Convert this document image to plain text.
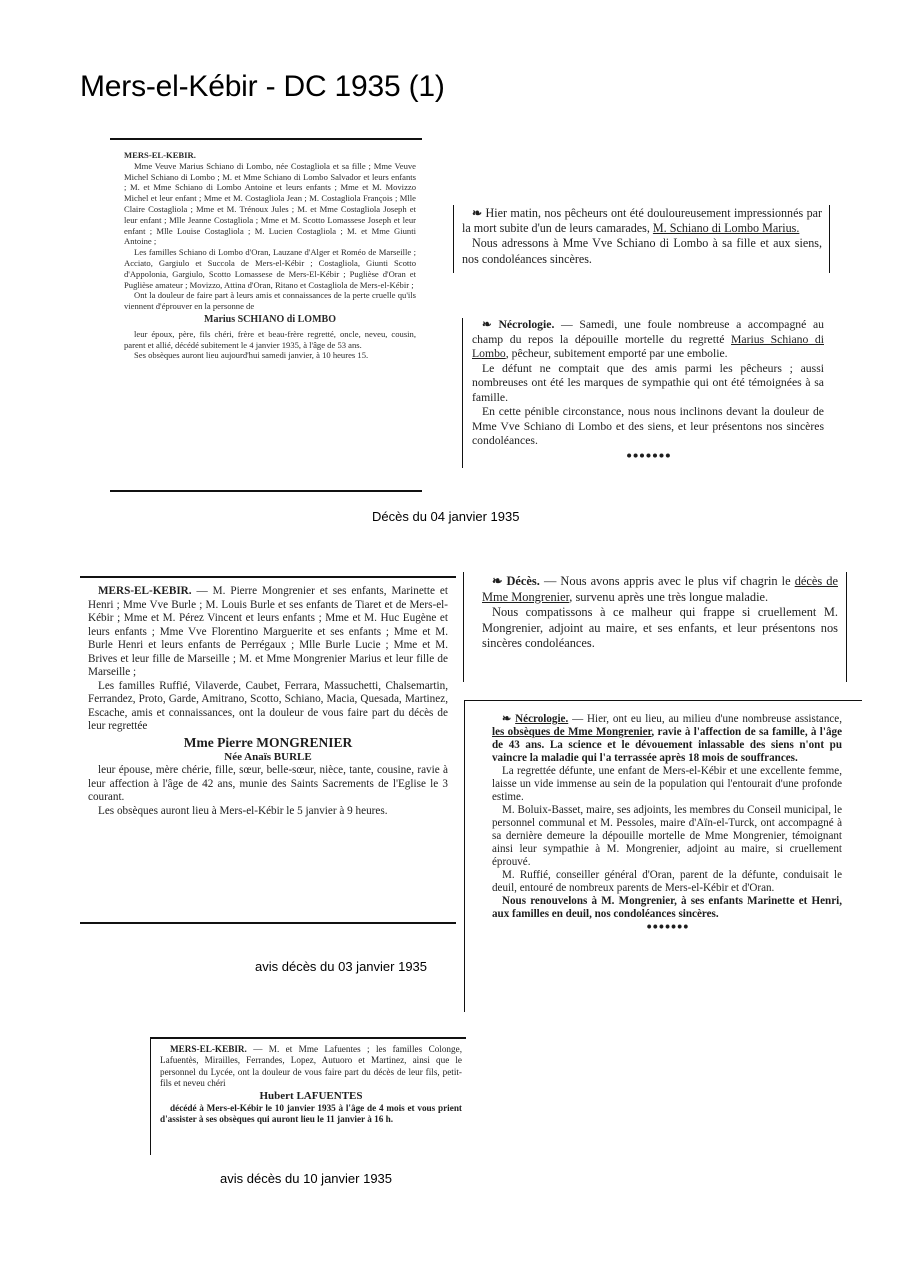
Mers-el-Kébir - DC 1935 (1)

MERS-EL-KEBIR.

Mme Veuve Marius Schiano di Lombo, née Costagliola et sa fille ; Mme Veuve Michel Schiano di Lombo ; M. et Mme Schiano di Lombo Salvador et leurs enfants ; M. et Mme Schiano di Lombo Antoine et leurs enfants ; Mme et M. Movizzo Michel et leur enfant ; Mme et M. Costagliola Jean ; M. Costagliola François ; Mlle Claire Costagliola ; Mme et M. Trénoux Jules ; M. et Mme Costagliola Joseph et leur enfant ; Mlle Jeanne Costagliola ; Mme et M. Scotto Lomassese Joseph et leur enfant ; Mlle Louise Costagliola ; M. Lucien Costagliola ; M. et Mme Giunti Antoine ;

Les familles Schiano di Lombo d'Oran, Lauzane d'Alger et Roméo de Marseille ; Acciato, Gargiulo et Succola de Mers-el-Kébir ; Costagliola, Giunti Scotto d'Appolonia, Gargiulo, Scotto Lomassese de Mers-El-Kébir ; Puglièse d'Oran et Puglièse amateur ; Movizzo, Attina d'Oran, Ritano et Costagliola de Mers-el-Kébir ;

Ont la douleur de faire part à leurs amis et connaissances de la perte cruelle qu'ils viennent d'éprouver en la personne de

Marius SCHIANO di LOMBO

leur époux, père, fils chéri, frère et beau-frère regretté, oncle, neveu, cousin, parent et allié, décédé subitement le 4 janvier 1935, à l'âge de 53 ans.

Ses obsèques auront lieu aujourd'hui samedi janvier, à 10 heures 15.

Décès du 04 janvier 1935

❧ Hier matin, nos pêcheurs ont été douloureusement impressionnés par la mort subite d'un de leurs camarades, M. Schiano di Lombo Marius.

Nous adressons à Mme Vve Schiano di Lombo à sa fille et aux siens, nos condoléances sincères.

❧ Nécrologie. — Samedi, une foule nombreuse a accompagné au champ du repos la dépouille mortelle du regretté Marius Schiano di Lombo, pêcheur, subitement emporté par une embolie.

Le défunt ne comptait que des amis parmi les pêcheurs ; aussi nombreuses ont été les marques de sympathie qui ont été témoignées à sa famille.

En cette pénible circonstance, nous nous inclinons devant la douleur de Mme Vve Schiano di Lombo et des siens, et leur présentons nos sincères condoléances.

•••••••

MERS-EL-KEBIR. — M. Pierre Mongrenier et ses enfants, Marinette et Henri ; Mme Vve Burle ; M. Louis Burle et ses enfants de Tiaret et de Mers-el-Kébir ; Mme et M. Pérez Vincent et leurs enfants ; Mme et M. Huc Eugène et leurs enfants ; Mme Vve Florentino Marguerite et ses enfants ; Mme et M. Burle Henri et leurs enfants de Perrégaux ; Mlle Burle Lucie ; Mme et M. Brives et leur fille de Marseille ; M. et Mme Mongrenier Marius et leur fille de Marseille ;

Les familles Ruffié, Vilaverde, Caubet, Ferrara, Massuchetti, Chalsemartin, Ferrandez, Proto, Garde, Amitrano, Scotto, Schiano, Macia, Quesada, Martinez, Escache, amis et connaissances, ont la douleur de vous faire part du décès de leur regrettée

Mme Pierre MONGRENIER

Née Anaïs BURLE

leur épouse, mère chérie, fille, sœur, belle-sœur, nièce, tante, cousine, ravie à leur affection à l'âge de 42 ans, munie des Saints Sacrements de l'Eglise le 3 courant.

Les obsèques auront lieu à Mers-el-Kébir le 5 janvier à 9 heures.

avis décès du 03 janvier 1935

❧ Décès. — Nous avons appris avec le plus vif chagrin le décès de Mme Mongrenier, survenu après une très longue maladie.

Nous compatissons à ce malheur qui frappe si cruellement M. Mongrenier, adjoint au maire, et ses enfants, et leur présentons nos sincères condoléances.

❧ Nécrologie. — Hier, ont eu lieu, au milieu d'une nombreuse assistance, les obsèques de Mme Mongrenier, ravie à l'affection de sa famille, à l'âge de 43 ans. La science et le dévouement inlassable des siens n'ont pu vaincre la maladie qui l'a terrassée après 18 mois de souffrances.

La regrettée défunte, une enfant de Mers-el-Kébir et une excellente femme, laisse un vide immense au sein de la population qui l'entourait d'une profonde estime.

M. Boluix-Basset, maire, ses adjoints, les membres du Conseil municipal, le personnel communal et M. Pessoles, maire d'Aïn-el-Turck, ont accompagné à sa dernière demeure la dépouille mortelle de Mme Mongrenier, témoignant ainsi leur sympathie à M. Mongrenier, adjoint au maire, si cruellement éprouvé.

M. Ruffié, conseiller général d'Oran, parent de la défunte, conduisait le deuil, entouré de nombreux parents de Mers-el-Kébir et d'Oran.

Nous renouvelons à M. Mongrenier, à ses enfants Marinette et Henri, aux familles en deuil, nos condoléances sincères.

•••••••

MERS-EL-KEBIR. — M. et Mme Lafuentes ; les familles Colonge, Lafuentès, Mirailles, Ferrandes, Lopez, Autuoro et Martinez, ainsi que le personnel du Lycée, ont la douleur de vous faire part du décès de leur fils, petit-fils et neveu chéri

Hubert LAFUENTES

décédé à Mers-el-Kébir le 10 janvier 1935 à l'âge de 4 mois et vous prient d'assister à ses obsèques qui auront lieu le 11 janvier à 16 h.

avis décès du 10 janvier 1935
